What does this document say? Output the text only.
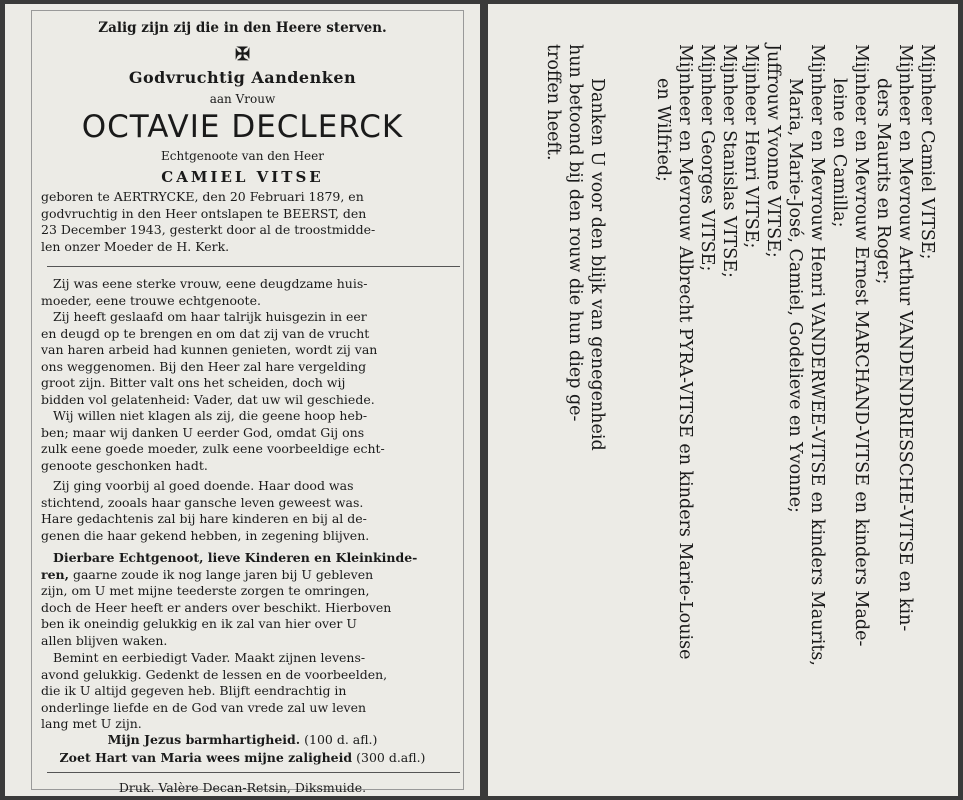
Zalig zijn zij die in den Heere sterven.
✠
Godvruchtig Aandenken
aan Vrouw
OCTAVIE DECLERCK
Echtgenoote van den Heer
CAMIEL VITSE
geboren te AERTRYCKE, den 20 Februari 1879, en
godvruchtig in den Heer ontslapen te BEERST, den
23 December 1943, gesterkt door al de troostmidde-
len onzer Moeder de H. Kerk.
Zij was eene sterke vrouw, eene deugdzame huis-
moeder, eene trouwe echtgenoote.
Zij heeft geslaafd om haar talrijk huisgezin in eer
en deugd op te brengen en om dat zij van de vrucht
van haren arbeid had kunnen genieten, wordt zij van
ons weggenomen. Bij den Heer zal hare vergelding
groot zijn. Bitter valt ons het scheiden, doch wij
bidden vol gelatenheid: Vader, dat uw wil geschiede.
Wij willen niet klagen als zij, die geene hoop heb-
ben; maar wij danken U eerder God, omdat Gij ons
zulk eene goede moeder, zulk eene voorbeeldige echt-
genoote geschonken hadt.
Zij ging voorbij al goed doende. Haar dood was
stichtend, zooals haar gansche leven geweest was.
Hare gedachtenis zal bij hare kinderen en bij al de-
genen die haar gekend hebben, in zegening blijven.
Dierbare Echtgenoot, lieve Kinderen en Kleinkinde-
ren, gaarne zoude ik nog lange jaren bij U gebleven
zijn, om U met mijne teederste zorgen te omringen,
doch de Heer heeft er anders over beschikt. Hierboven
ben ik oneindig gelukkig en ik zal van hier over U
allen blijven waken.
Bemint en eerbiedigt Vader. Maakt zijnen levens-
avond gelukkig. Gedenkt de lessen en de voorbeelden,
die ik U altijd gegeven heb. Blijft eendrachtig in
onderlinge liefde en de God van vrede zal uw leven
lang met U zijn.
Mijn Jezus barmhartigheid. (100 d. afl.)
Zoet Hart van Maria wees mijne zaligheid (300 d.afl.)
Druk. Valère Decan-Retsin, Diksmuide.
Mijnheer Camiel VITSE;
Mijnheer en Mevrouw Arthur VANDENDRIESSCHE-VITSE en kin-
ders Maurits en Roger;
Mijnheer en Mevrouw Ernest MARCHAND-VITSE en kinders Made-
leine en Camilla;
Mijnheer en Mevrouw Henri VANDERWEE-VITSE en kinders Maurits,
Maria, Marie-José, Camiel, Godelieve en Yvonne;
Juffrouw Yvonne VITSE;
Mijnheer Henri VITSE;
Mijnheer Stanislas VITSE;
Mijnheer Georges VITSE;
Mijnheer en Mevrouw Albrecht PYRA-VITSE en kinders Marie-Louise
en Wilfried;
Danken U voor den blijk van genegenheid
hun betoond bij den rouw die hun diep ge-
troffen heeft.
